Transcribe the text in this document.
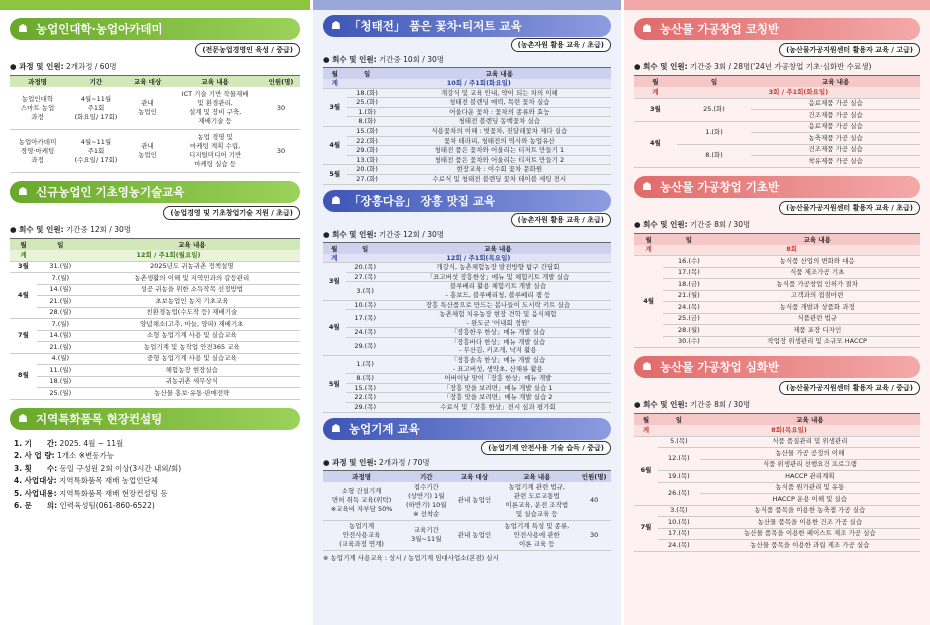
☗ 농업인대학·농업아카데미
(전문농업경영인 육성 / 중급)
● 과정 및 인원: 2개과정 / 60명
과정명	기간	교육 대상	교육 내용	인원(명)
농업인대학
스마트 농업
과정	4월~11월
주1회
(화요일/ 17회)	관내
농업인	ICT 기술 기반 작물재배
및 환경관리,
설계 및 장비 구축,
재배기술 등	30
농업아카데미
경영·마케팅
과정	4월~11월
주1회
(수요일/ 17회)	관내
농업인	농업 경영 및
마케팅 계획 수립,
디지털미디어 기반
마케팅 실습 등	30
☗ 신규농업인 기초영농기술교육
(농업경영 및 기초창업기술 지원 / 초급)
● 회수 및 인원: 기간중 12회 / 30명
월	일	교육 내용
계	12회 / 주1회(월요일)	
3월	31.(월)	2025년도 귀농귀촌 정책설명
4월	7.(월)	농촌생활의 이해 및 지역민과의 갈등관리
	14.(월)	성공 귀농을 위한 소득작목 선정방법
	21.(월)	초보농업인 농지 기초교육
	28.(월)	친환경농업(수도작 등) 재배기술
7월	7.(월)	양념채소(고추, 마늘, 양파) 재배기초
	14.(월)	소형 농업기계 사용 및 실습교육
	21.(월)	농업기계 및 농작업 안전365 교육
8월	4.(월)	중형 농업기계 사용 및 실습교육
	11.(월)	체험농장 현장실습
	18.(월)	귀농귀촌 세무상식
	25.(월)	농산물 홍보·유통·판매전략
☗ 지역특화품목 현장컨설팅
1. 기　　간: 2025. 4월 ~ 11월
2. 사 업 량: 1개소 ※변동가능
3. 횟　　수: 동일 구성원 2회 이상(3시간 내외/회)
4. 사업대상: 지역특화품목 재배 농업인단체
5. 사업내용: 지역특화품목 재배 현장컨설팅 등
6. 문　　의: 인력육성팀(061-860-6522)
☗ 「청태전」 품은 꽃차·티저트 교육
(농촌자원 활용 교육 / 초급)
● 회수 및 인원: 기간중 10회 / 30명
월	일	교육 내용
계	10회 / 주1회(화요일)	
3월	18.(화)	개강식 및 교육 안내, 약이 되는 차의 이해
	25.(화)	청태전 블렌딩 매력, 목련 꽃차 실습
	1.(화)	어울다운 꽃차 : 꽃차의 종류와 효능
	8.(화)	청태전 블렌딩 동백꽃차 실습
4월	15.(화)	식용꽃차의 이해 : 벚꽃차, 진달래꽃차 제다 실습
	22.(화)	꽃차 테라피, 청태전의 역사와 농업유산
	29.(화)	청태전 품은 꽃차와 어울리는 티저트 만들기 1
	13.(화)	청태전 품은 꽃차와 어울리는 티저트 만들기 2
5월	20.(화)	현장교육 : 이수회 꽃차 문화원
	27.(화)	수료식 및 청태전 블렌딩 꽃차 테이블 세팅 전시
☗ 「장흥다음」 장흥 맛집 교육
(농촌자원 활용 교육 / 초급)
● 회수 및 인원: 기간중 12회 / 30명
월	일	교육 내용
계	12회 / 주1회(목요일)	
3월	20.(목)	개강식, 농촌체험농장 발전방향 탐구 간담회
	27.(목)	「표고버섯 장흥한상」메뉴 및 체험키트 개발 실습
	3.(목)	블루베리 활용 체험키트 개발 실습
- 홍보드, 블루베리청, 블루베리 잼 등
4월	10.(목)	장흥 특산품으로 만드는 봄나들이 도시락 키트 실습
	17.(목)	농촌체험 치유농장 현장 견학 및 음식체험
- 완도군 '어내회 정원'
	24.(목)	「장흥한우 한상」메뉴 개발 실습
	29.(목)	「장흥바다 한상」메뉴 개발 실습
- 무산김, 키조개, 낙지 활용
5월	1.(목)	「장흥솔속 한상」메뉴 개발 실습
- 표고버섯, 생약초, 산채류 활용
	8.(목)	어버이날 맞이「장흥 한상」메뉴 개발
	15.(목)	「장흥 맛을 보려면」메뉴 개발 실습 1
	22.(목)	「장흥 맛을 보려면」메뉴 개발 실습 2
	29.(목)	수료식 및「장흥 한상」전시 심과 평가회
☗ 농업기계 교육
(농업기계 안전사용 기술 습득 / 중급)
● 과정 및 인원: 2개과정 / 70명
과정명	기간	교육 대상	교육 내용	인원(명)
소형 건설기계
면허 취득 교육(위탁)
※교육비 자부담 50%	접수기간
(상반기) 1월
(하반기) 10월
※ 선착순	관내 농업인	농업기계 관련 법규,
관련 도로교통법
이론교육, 운전 조작법
및 실습교육 등	40
농업기계
안전사용교육
(교육과정 연계)	교육기간
3월~11월	관내 농업인	농업기계 특성 및 종류,
안전사용에 관한
이론 교육 등	30
※ 농업기계 사용교육 : 상시 / 농업기계 임대사업소(본점) 실시
☗ 농산물 가공창업 코칭반
(농산물가공지원센터 활용자 교육 / 고급)
● 회수 및 인원: 기간중 3회 / 28명('24년 가공창업 기초·심화반 수료생)
월	일	교육 내용
계	3회 / 주1회(화요일)	
3월	25.(화)	음료제품 가공 실습
		건조제품 가공 실습
4월	1.(화)	음료제품 가공 실습
		농축제품 가공 실습
	8.(화)	건조제품 가공 실습
		착유제품 가공 실습
☗ 농산물 가공창업 기초반
(농산물가공지원센터 활용자 교육 / 초급)
● 회수 및 인원: 기간중 8회 / 30명
월	일	교육 내용
계	8회	
4월	16.(수)	농식품 산업의 변화와 대응
	17.(목)	식품 제조가공 기초
	18.(금)	농식품 가공창업 인허가 절차
	21.(월)	고객과의 접점마련
	24.(목)	농식품 개발과 상품화 과정
	25.(금)	식품관련 법규
	28.(월)	제품 포장 디자인
	30.(수)	작업장 위생관리 및 소규모 HACCP
☗ 농산물 가공창업 심화반
(농산물가공지원센터 활용자 교육 / 중급)
● 회수 및 인원: 기간중 8회 / 30명
월	일	교육 내용
계	8회(목요일)	
6월	5.(목)	식품 품질관리 및 위생관리
	12.(목)	농산물 가공 공정의 이해
		식품 위생관리 선행요건 프로그램
	19.(목)	HACCP 관리계획
	26.(목)	농식품 원가관리 및 유통
		HACCP 운용 이해 및 실습
7월	3.(목)	농식품 품목을 이용한 농축잼 가공 실습
	10.(목)	농산물 품목을 이용한 건조 가공 실습
	17.(목)	농산물 품목을 이용한 페이스트 제조 가공 실습
	24.(목)	농산물 품목을 이용한 과립 제조 가공 실습
